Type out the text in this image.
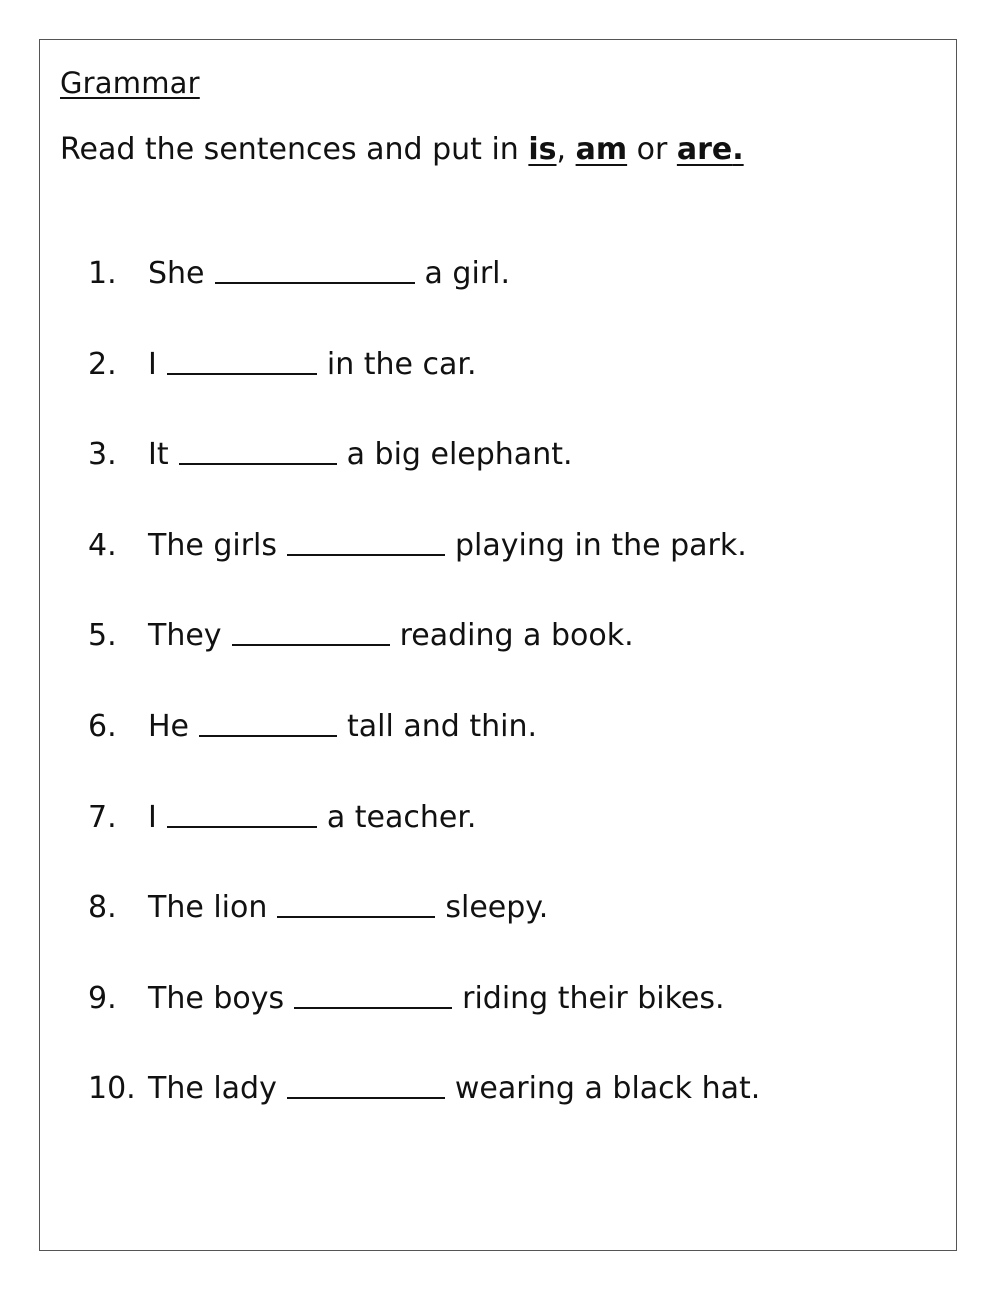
Grammar
Read the sentences and put in is, am or are.
1.	She	a girl.
2.	I	in the car.
3.	It	a big elephant.
4.	The girls	playing in the park.
5.	They	reading a book.
6.	He	tall and thin.
7.	I	a teacher.
8.	The lion	sleepy.
9.	The boys	riding their bikes.
10. The lady	wearing a black hat.
